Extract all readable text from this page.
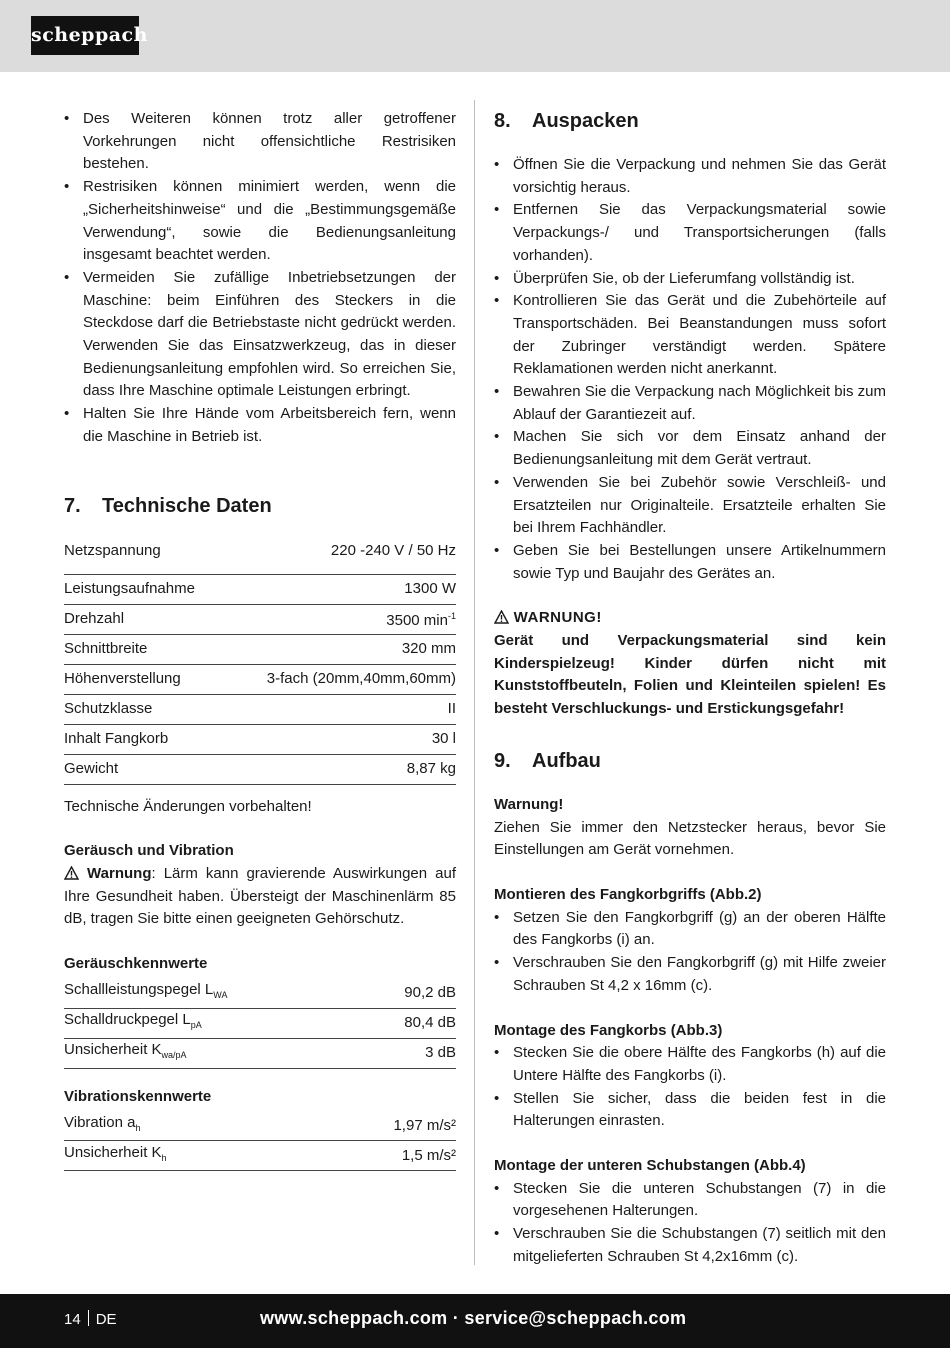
scheppach
• Des Weiteren können trotz aller getroffener Vorkehrungen nicht offensichtliche Restrisiken bestehen.
• Restrisiken können minimiert werden, wenn die „Sicherheitshinweise“ und die „Bestimmungsgemäße Verwendung“, sowie die Bedienungsanleitung insgesamt beachtet werden.
• Vermeiden Sie zufällige Inbetriebsetzungen der Maschine: beim Einführen des Steckers in die Steckdose darf die Betriebstaste nicht gedrückt werden. Verwenden Sie das Einsatzwerkzeug, das in dieser Bedienungsanleitung empfohlen wird. So erreichen Sie, dass Ihre Maschine optimale Leistungen erbringt.
• Halten Sie Ihre Hände vom Arbeitsbereich fern, wenn die Maschine in Betrieb ist.
7. Technische Daten
Netzspannung	220 -240 V / 50 Hz
Leistungsaufnahme	1300 W
Drehzahl	3500 $\min^{-1}$
Schnittbreite	320 mm
Höhenverstellung	3-fach (20mm,40mm,60mm)
Schutzklasse	II
Inhalt Fangkorb	30 l
Gewicht	8,87 kg

Technische Änderungen vorbehalten!

Geräusch und Vibration

Warnung: Lärm kann gravierende Auswirkungen auf Ihre Gesundheit haben. Übersteigt der Maschinenlärm 85 dB, tragen Sie bitte einen geeigneten Gehörschutz.

Geräuschkennwerte

Schallleistungspegel $L_{WA}$	90,2 dB
Schalldruckpegel $L_{pA}$	80,4 dB
Unsicherheit $K_{wa/pA}$	3 dB

Vibrationskennwerte

Vibration $a_h$	1,97 m/s²
Unsicherheit $K_h$	1,5 m/s²
8. Auspacken
• Öffnen Sie die Verpackung und nehmen Sie das Gerät vorsichtig heraus.
• Entfernen Sie das Verpackungsmaterial sowie Verpackungs-/ und Transportsicherungen (falls vorhanden).
• Überprüfen Sie, ob der Lieferumfang vollständig ist.
• Kontrollieren Sie das Gerät und die Zubehörteile auf Transportschäden. Bei Beanstandungen muss sofort der Zubringer verständigt werden. Spätere Reklamationen werden nicht anerkannt.
• Bewahren Sie die Verpackung nach Möglichkeit bis zum Ablauf der Garantiezeit auf.
• Machen Sie sich vor dem Einsatz anhand der Bedienungsanleitung mit dem Gerät vertraut.
• Verwenden Sie bei Zubehör sowie Verschleiß- und Ersatzteilen nur Originalteile. Ersatzteile erhalten Sie bei Ihrem Fachhändler.
• Geben Sie bei Bestellungen unsere Artikelnummern sowie Typ und Baujahr des Gerätes an.

WARNUNG!

Gerät und Verpackungsmaterial sind kein Kinderspielzeug! Kinder dürfen nicht mit Kunststoffbeuteln, Folien und Kleinteilen spielen! Es besteht Verschluckungs- und Erstickungsgefahr!

9. Aufbau

Warnung!

Ziehen Sie immer den Netzstecker heraus, bevor Sie Einstellungen am Gerät vornehmen.

Montieren des Fangkorbgriffs (Abb.2)

• Setzen Sie den Fangkorbgriff (g) an der oberen Hälfte des Fangkorbs (i) an.
• Verschrauben Sie den Fangkorbgriff (g) mit Hilfe zweier Schrauben St 4,2 x 16mm (c).

Montage des Fangkorbs (Abb.3)

• Stecken Sie die obere Hälfte des Fangkorbs (h) auf die Untere Hälfte des Fangkorbs (i).
• Stellen Sie sicher, dass die beiden fest in die Halterungen einrasten.

Montage der unteren Schubstangen (Abb.4)

• Stecken Sie die unteren Schubstangen (7) in die vorgesehenen Halterungen.
• Verschrauben Sie die Schubstangen (7) seitlich mit den mitgelieferten Schrauben St 4,2x16mm (c).
14 DE	www.scheppach.com · service@scheppach.com
